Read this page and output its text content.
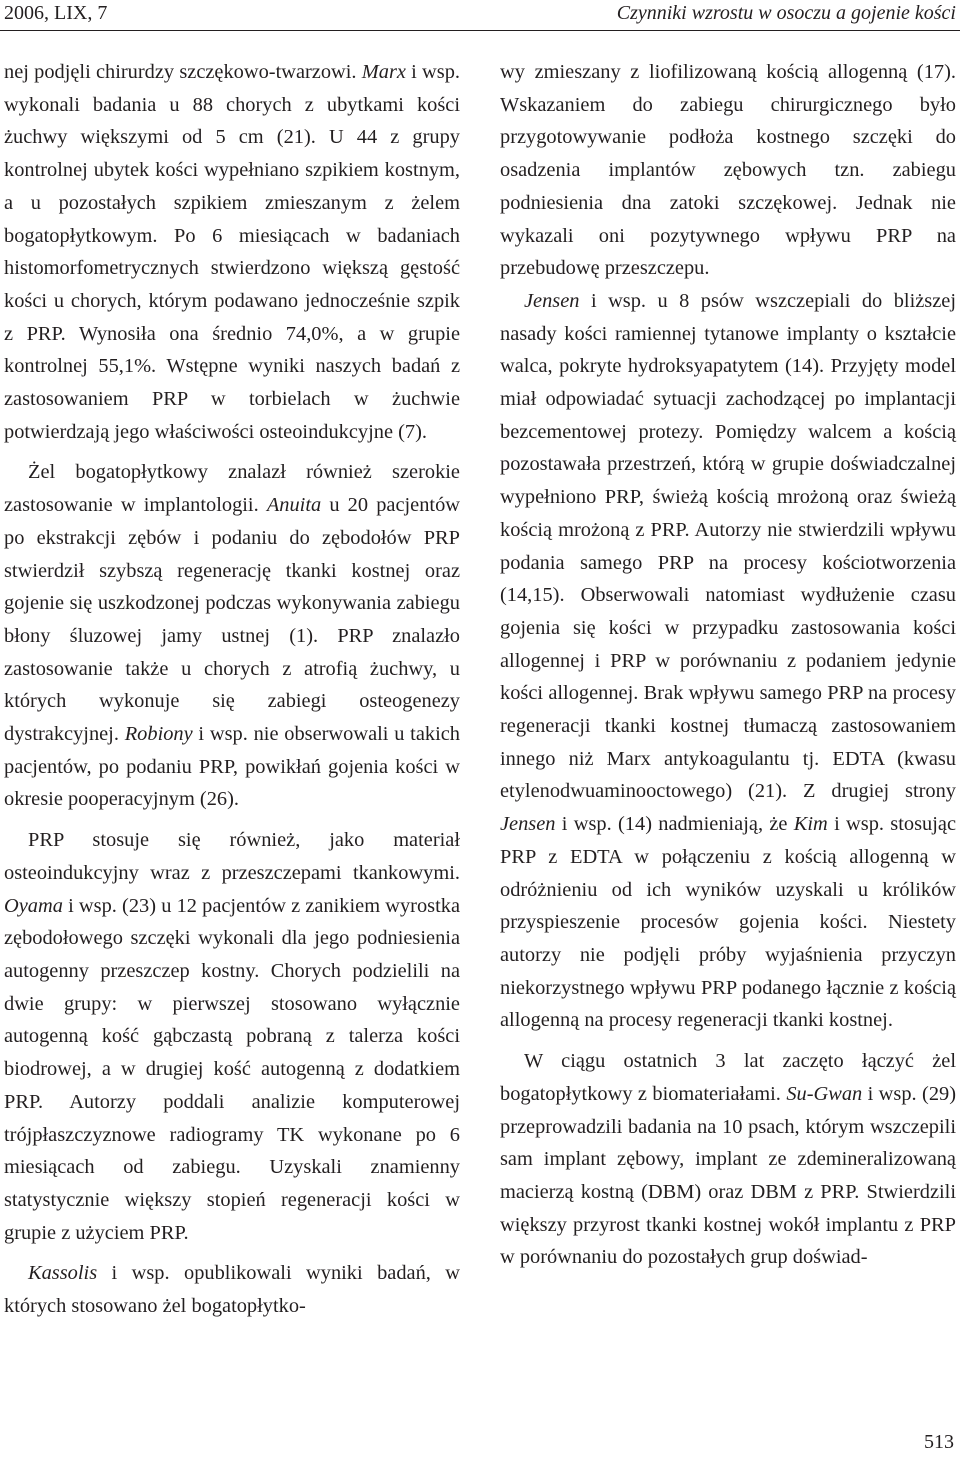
2006, LIX, 7	Czynniki wzrostu w osoczu a gojenie kości

nej podjęli chirurdzy szczękowo-twarzowi. Marx i wsp. wykonali badania u 88 chorych z ubytkami kości żuchwy większymi od 5 cm (21). U 44 z grupy kontrolnej ubytek kości wypełniano szpikiem kostnym, a u pozostałych szpikiem zmieszanym z żelem bogatopłytkowym. Po 6 miesiącach w badaniach histomorfometrycznych stwierdzono większą gęstość kości u chorych, którym podawano jednocześnie szpik z PRP. Wynosiła ona średnio 74,0%, a w grupie kontrolnej 55,1%. Wstępne wyniki naszych badań z zastosowaniem PRP w torbielach w żuchwie potwierdzają jego właściwości osteoindukcyjne (7).

Żel bogatopłytkowy znalazł również szerokie zastosowanie w implantologii. Anuita u 20 pacjentów po ekstrakcji zębów i podaniu do zębodołów PRP stwierdził szybszą regenerację tkanki kostnej oraz gojenie się uszkodzonej podczas wykonywania zabiegu błony śluzowej jamy ustnej (1). PRP znalazło zastosowanie także u chorych z atrofią żuchwy, u których wykonuje się zabiegi osteogenezy dystrakcyjnej. Robiony i wsp. nie obserwowali u takich pacjentów, po podaniu PRP, powikłań gojenia kości w okresie pooperacyjnym (26).

PRP stosuje się również, jako materiał osteoindukcyjny wraz z przeszczepami tkankowymi. Oyama i wsp. (23) u 12 pacjentów z zanikiem wyrostka zębodołowego szczęki wykonali dla jego podniesienia autogenny przeszczep kostny. Chorych podzielili na dwie grupy: w pierwszej stosowano wyłącznie autogenną kość gąbczastą pobraną z talerza kości biodrowej, a w drugiej kość autogenną z dodatkiem PRP. Autorzy poddali analizie komputerowej trójpłaszczyznowe radiogramy TK wykonane po 6 miesiącach od zabiegu. Uzyskali znamienny statystycznie większy stopień regeneracji kości w grupie z użyciem PRP.

Kassolis i wsp. opublikowali wyniki badań, w których stosowano żel bogatopłytko-

wy zmieszany z liofilizowaną kością allogenną (17). Wskazaniem do zabiegu chirurgicznego było przygotowywanie podłoża kostnego szczęki do osadzenia implantów zębowych tzn. zabiegu podniesienia dna zatoki szczękowej. Jednak nie wykazali oni pozytywnego wpływu PRP na przebudowę przeszczepu.

Jensen i wsp. u 8 psów wszczepiali do bliższej nasady kości ramiennej tytanowe implanty o kształcie walca, pokryte hydroksyapatytem (14). Przyjęty model miał odpowiadać sytuacji zachodzącej po implantacji bezcementowej protezy. Pomiędzy walcem a kością pozostawała przestrzeń, którą w grupie doświadczalnej wypełniono PRP, świeżą kością mrożoną oraz świeżą kością mrożoną z PRP. Autorzy nie stwierdzili wpływu podania samego PRP na procesy kościotworzenia (14,15). Obserwowali natomiast wydłużenie czasu gojenia się kości w przypadku zastosowania kości allogennej i PRP w porównaniu z podaniem jedynie kości allogennej. Brak wpływu samego PRP na procesy regeneracji tkanki kostnej tłumaczą zastosowaniem innego niż Marx antykoagulantu tj. EDTA (kwasu etylenodwuaminooctowego) (21). Z drugiej strony Jensen i wsp. (14) nadmieniają, że Kim i wsp. stosując PRP z EDTA w połączeniu z kością allogenną w odróżnieniu od ich wyników uzyskali u królików przyspieszenie procesów gojenia kości. Niestety autorzy nie podjęli próby wyjaśnienia przyczyn niekorzystnego wpływu PRP podanego łącznie z kością allogenną na procesy regeneracji tkanki kostnej.

W ciągu ostatnich 3 lat zaczęto łączyć żel bogatopłytkowy z biomateriałami. Su-Gwan i wsp. (29) przeprowadzili badania na 10 psach, którym wszczepili sam implant zębowy, implant ze zdemineralizowaną macierzą kostną (DBM) oraz DBM z PRP. Stwierdzili większy przyrost tkanki kostnej wokół implantu z PRP w porównaniu do pozostałych grup doświad-

513
